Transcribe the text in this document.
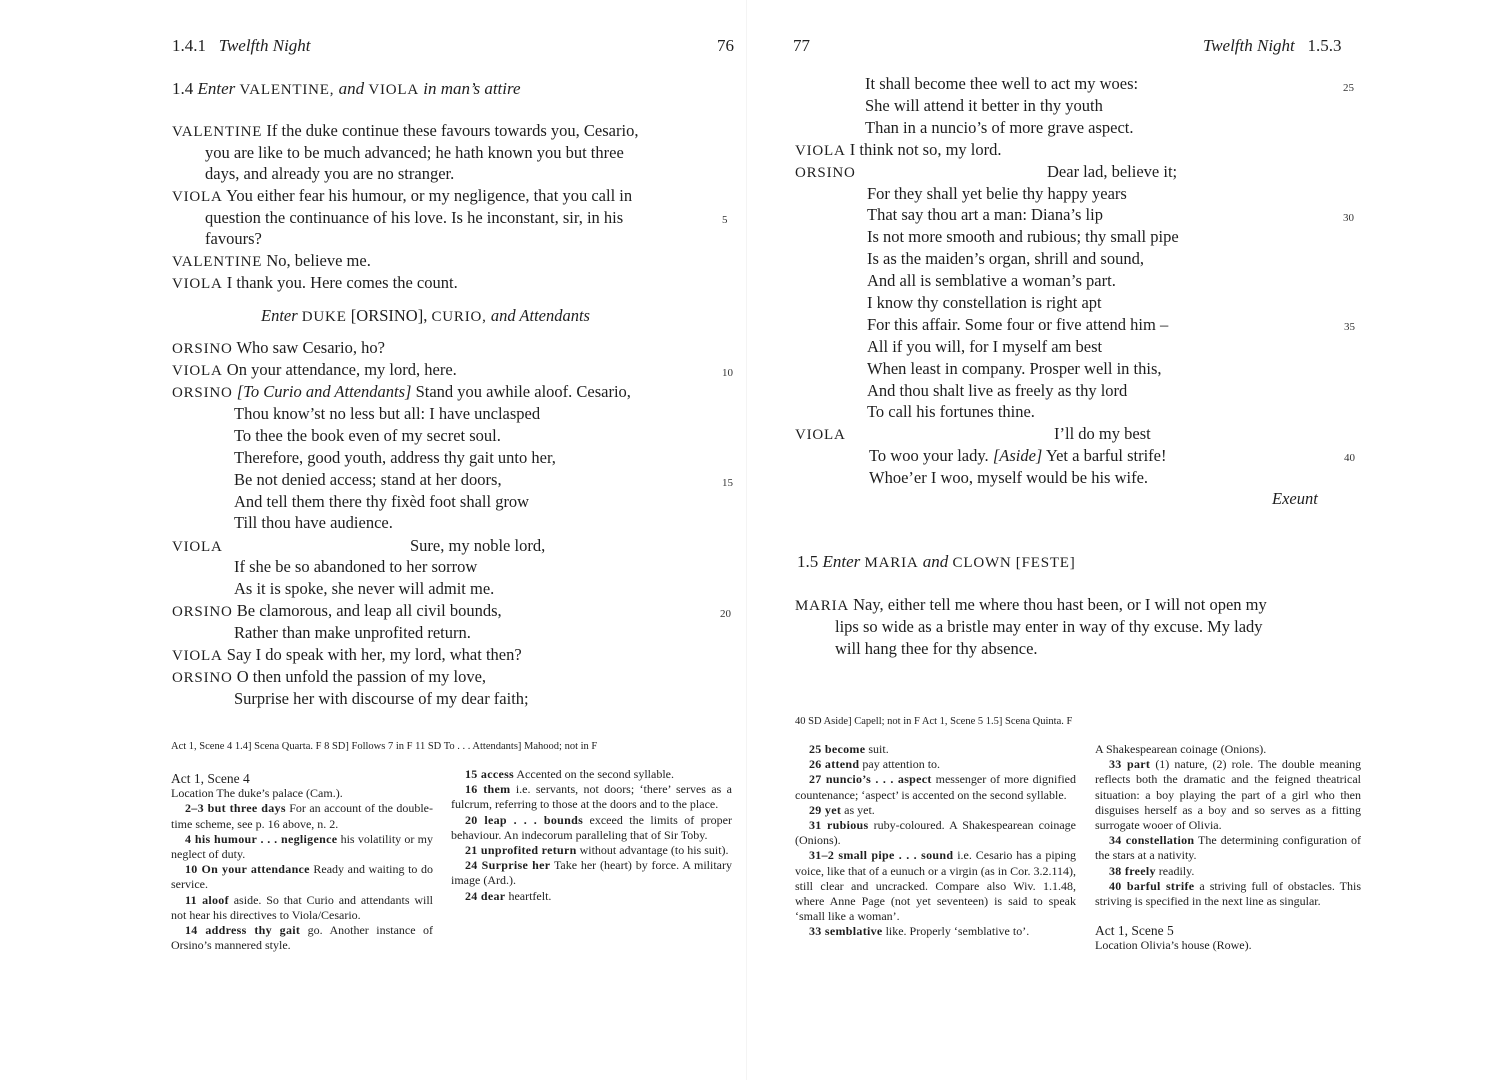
1.4.1 Twelfth Night	76
1.4 Enter VALENTINE, and VIOLA in man’s attire
VALENTINE If the duke continue these favours towards you, Cesario,
you are like to be much advanced; he hath known you but three
days, and already you are no stranger.
VIOLA You either fear his humour, or my negligence, that you call in
question the continuance of his love. Is he inconstant, sir, in his
favours?
VALENTINE No, believe me.
VIOLA I thank you. Here comes the count.
Enter DUKE [ORSINO], CURIO, and Attendants
ORSINO Who saw Cesario, ho?
VIOLA On your attendance, my lord, here.
ORSINO [To Curio and Attendants] Stand you awhile aloof. Cesario,
Thou know’st no less but all: I have unclasped
To thee the book even of my secret soul.
Therefore, good youth, address thy gait unto her,
Be not denied access; stand at her doors,
And tell them there thy fixèd foot shall grow
Till thou have audience.
VIOLA	Sure, my noble lord,
If she be so abandoned to her sorrow
As it is spoke, she never will admit me.
ORSINO Be clamorous, and leap all civil bounds,
Rather than make unprofited return.
VIOLA Say I do speak with her, my lord, what then?
ORSINO O then unfold the passion of my love,
Surprise her with discourse of my dear faith;
5
10
15
20
Act 1, Scene 4 1.4] Scena Quarta. F 8 SD] Follows 7 in F 11 SD To . . . Attendants] Mahood; not in F

Act 1, Scene 4

Location The duke’s palace (Cam.).

2–3 but three days For an account of the double-time scheme, see p. 16 above, n. 2.

4 his humour . . . negligence his volatility or my neglect of duty.

10 On your attendance Ready and waiting to do service.

11 aloof aside. So that Curio and attendants will not hear his directives to Viola/Cesario.

14 address thy gait go. Another instance of Orsino’s mannered style.

15 access Accented on the second syllable.

16 them i.e. servants, not doors; ‘there’ serves as a fulcrum, referring to those at the doors and to the place.

20 leap . . . bounds exceed the limits of proper behaviour. An indecorum paralleling that of Sir Toby.

21 unprofited return without advantage (to his suit).

24 Surprise her Take her (heart) by force. A military image (Ard.).

24 dear heartfelt.

77	Twelfth Night 1.5.3
It shall become thee well to act my woes:
She will attend it better in thy youth
Than in a nuncio’s of more grave aspect.
VIOLA I think not so, my lord.
ORSINO	Dear lad, believe it;
For they shall yet belie thy happy years
That say thou art a man: Diana’s lip
Is not more smooth and rubious; thy small pipe
Is as the maiden’s organ, shrill and sound,
And all is semblative a woman’s part.
I know thy constellation is right apt
For this affair. Some four or five attend him –
All if you will, for I myself am best
When least in company. Prosper well in this,
And thou shalt live as freely as thy lord
To call his fortunes thine.
VIOLA	I’ll do my best
To woo your lady. [Aside] Yet a barful strife!
Whoe’er I woo, myself would be his wife.
Exeunt
25
30
35
40
1.5 Enter MARIA and CLOWN [FESTE]
MARIA Nay, either tell me where thou hast been, or I will not open my
lips so wide as a bristle may enter in way of thy excuse. My lady
will hang thee for thy absence.
40 SD Aside] Capell; not in F Act 1, Scene 5 1.5] Scena Quinta. F

25 become suit.

26 attend pay attention to.

27 nuncio’s . . . aspect messenger of more dignified countenance; ‘aspect’ is accented on the second syllable.

29 yet as yet.

31 rubious ruby-coloured. A Shakespearean coinage (Onions).

31–2 small pipe . . . sound i.e. Cesario has a piping voice, like that of a eunuch or a virgin (as in Cor. 3.2.114), still clear and uncracked. Compare also Wiv. 1.1.48, where Anne Page (not yet seventeen) is said to speak ‘small like a woman’.

33 semblative like. Properly ‘semblative to’.

A Shakespearean coinage (Onions).

33 part (1) nature, (2) role. The double meaning reflects both the dramatic and the feigned theatrical situation: a boy playing the part of a girl who then disguises herself as a boy and so serves as a fitting surrogate wooer of Olivia.

34 constellation The determining configuration of the stars at a nativity.

38 freely readily.

40 barful strife a striving full of obstacles. This striving is specified in the next line as singular.

Act 1, Scene 5

Location Olivia’s house (Rowe).
